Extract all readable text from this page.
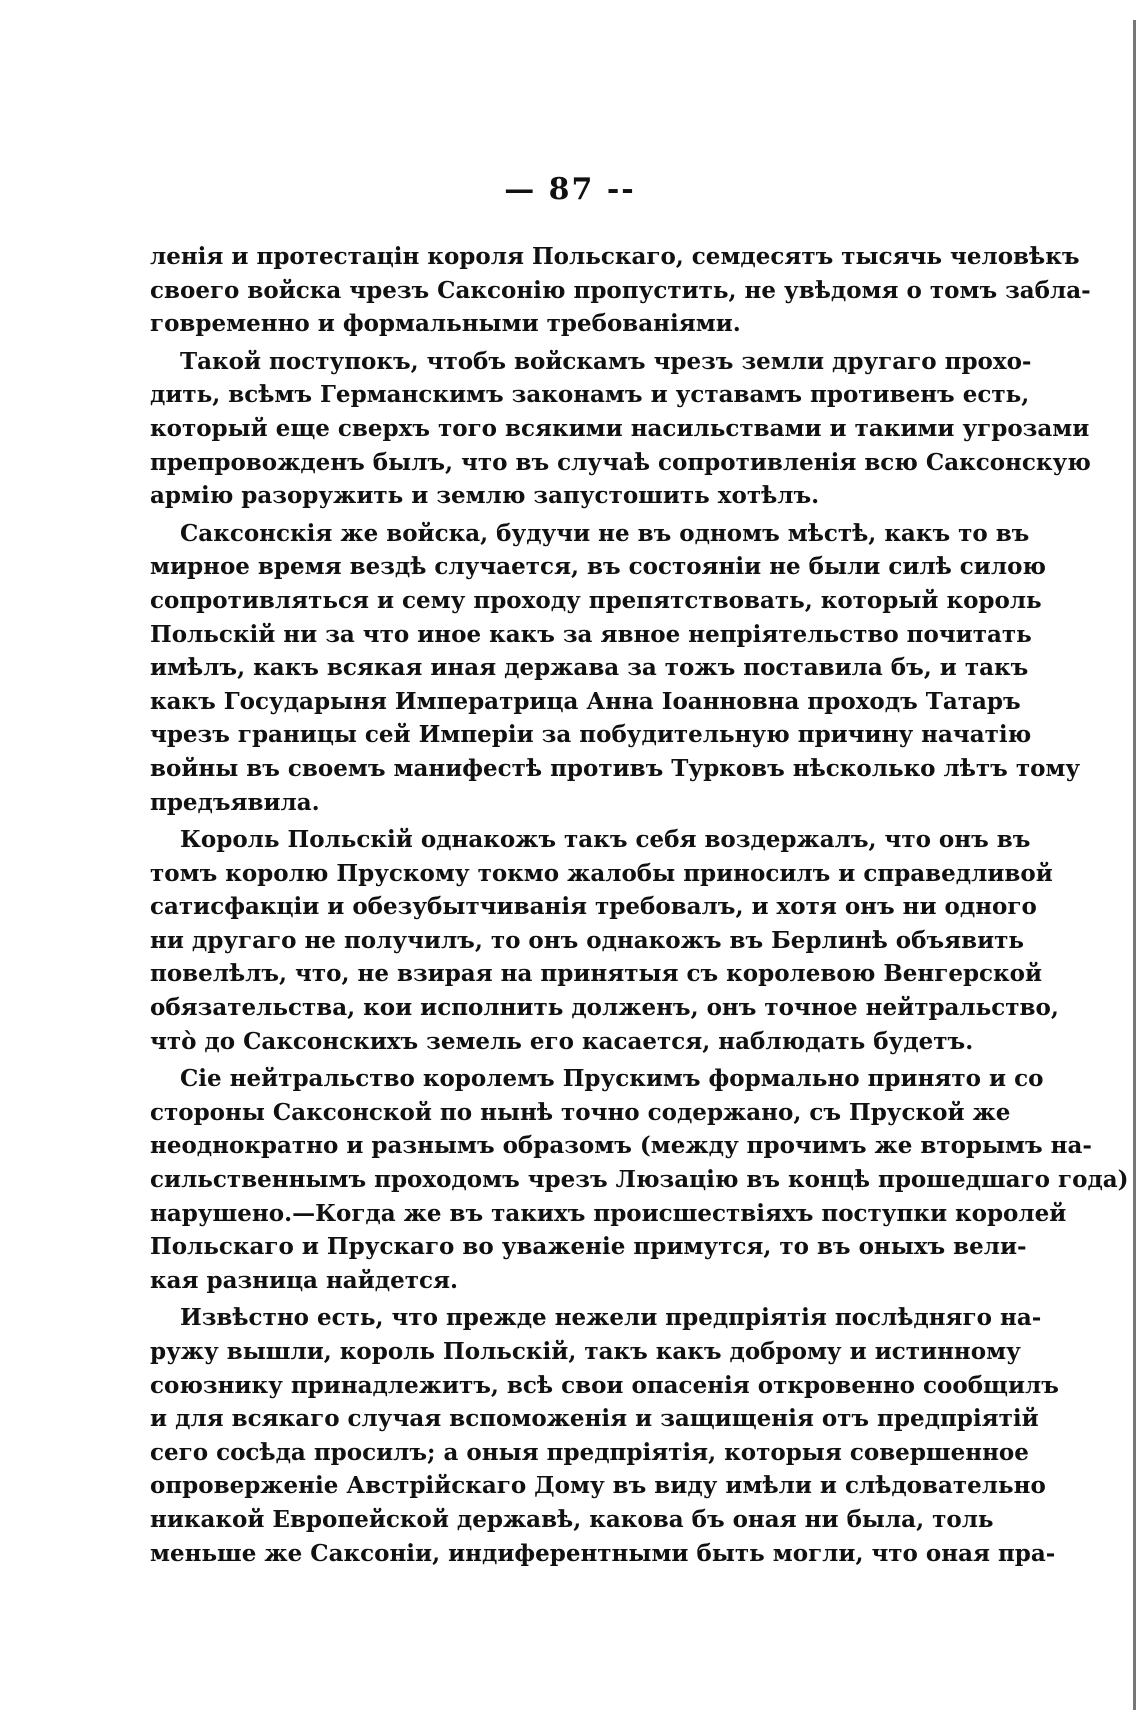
— 87 --
ленія и протестацін короля Польскаго, семдесятъ тысячь человѣкъ
своего войска чрезъ Саксонію пропустить, не увѣдомя о томъ забла-
говременно и формальными требованіями.
Такой поступокъ, чтобъ войскамъ чрезъ земли другаго прохо-
дить, всѣмъ Германскимъ законамъ и уставамъ противенъ есть,
который еще сверхъ того всякими насильствами и такими угрозами
препровожденъ былъ, что въ случаѣ сопротивленія всю Саксонскую
армію разоружить и землю запустошить хотѣлъ.
Саксонскія же войска, будучи не въ одномъ мѣстѣ, какъ то въ
мирное время вездѣ случается, въ состояніи не были силѣ силою
сопротивляться и сему проходу препятствовать, который король
Польскій ни за что иное какъ за явное непріятельство почитать
имѣлъ, какъ всякая иная держава за тожъ поставила бъ, и такъ
какъ Государыня Императрица Анна Іоанновна проходъ Татаръ
чрезъ границы сей Имперіи за побудительную причину начатію
войны въ своемъ манифестѣ противъ Турковъ нѣсколько лѣтъ тому
предъявила.
Король Польскій однакожъ такъ себя воздержалъ, что онъ въ
томъ королю Прускому токмо жалобы приносилъ и справедливой
сатисфакціи и обезубытчиванія требовалъ, и хотя онъ ни одного
ни другаго не получилъ, то онъ однакожъ въ Берлинѣ объявить
повелѣлъ, что, не взирая на принятыя съ королевою Венгерской
обязательства, кои исполнить долженъ, онъ точное нейтральство,
что̀ до Саксонскихъ земель его касается, наблюдать будетъ.
Сіе нейтральство королемъ Прускимъ формально принято и со
стороны Саксонской по нынѣ точно содержано, съ Пруской же
неоднократно и разнымъ образомъ (между прочимъ же вторымъ на-
сильственнымъ проходомъ чрезъ Люзацію въ концѣ прошедшаго года)
нарушено.—Когда же въ такихъ происшествіяхъ поступки королей
Польскаго и Прускаго во уваженіе примутся, то въ оныхъ вели-
кая разница найдется.
Извѣстно есть, что прежде нежели предпріятія послѣдняго на-
ружу вышли, король Польскій, такъ какъ доброму и истинному
союзнику принадлежитъ, всѣ свои опасенія откровенно сообщилъ
и для всякаго случая вспоможенія и защищенія отъ предпріятій
сего сосѣда просилъ; а оныя предпріятія, которыя совершенное
опроверженіе Австрійскаго Дому въ виду имѣли и слѣдовательно
никакой Европейской державѣ, какова бъ оная ни была, толь
меньше же Саксоніи, индиферентными быть могли, что оная пра-
